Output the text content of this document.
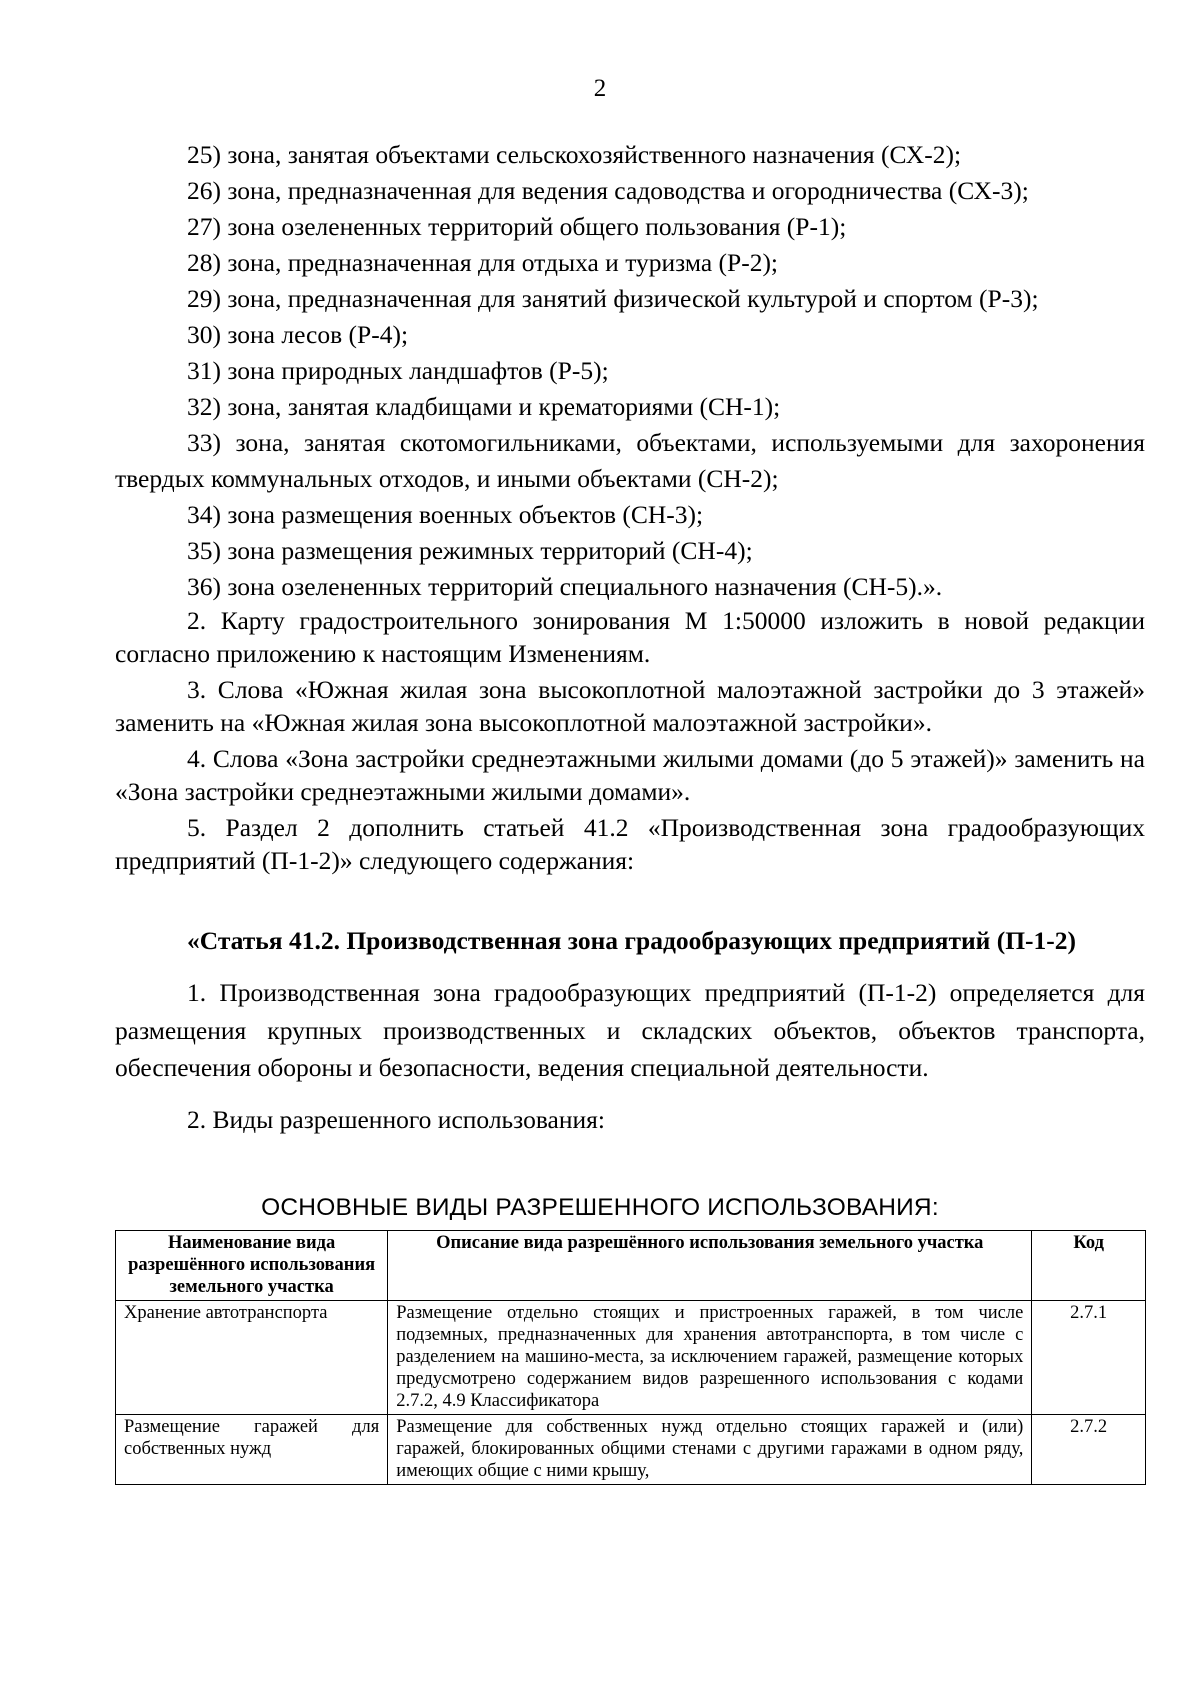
2

25) зона, занятая объектами сельскохозяйственного назначения (СХ-2);

26) зона, предназначенная для ведения садоводства и огородничества (СХ-3);

27) зона озелененных территорий общего пользования (Р-1);

28) зона, предназначенная для отдыха и туризма (Р-2);

29) зона, предназначенная для занятий физической культурой и спортом (Р-3);

30) зона лесов (Р-4);

31) зона природных ландшафтов (Р-5);

32) зона, занятая кладбищами и крематориями (СН-1);

33) зона, занятая скотомогильниками, объектами, используемыми для захоронения твердых коммунальных отходов, и иными объектами (СН-2);

34) зона размещения военных объектов (СН-3);

35) зона размещения режимных территорий (СН-4);

36) зона озелененных территорий специального назначения (СН-5).».

2. Карту градостроительного зонирования М 1:50000 изложить в новой редакции согласно приложению к настоящим Изменениям.

3. Слова «Южная жилая зона высокоплотной малоэтажной застройки до 3 этажей» заменить на «Южная жилая зона высокоплотной малоэтажной застройки».

4. Слова «Зона застройки среднеэтажными жилыми домами (до 5 этажей)» заменить на «Зона застройки среднеэтажными жилыми домами».

5. Раздел 2 дополнить статьей 41.2 «Производственная зона градообразующих предприятий (П-1-2)» следующего содержания:

«Статья 41.2. Производственная зона градообразующих предприятий (П-1-2)

1. Производственная зона градообразующих предприятий (П-1-2) определяется для размещения крупных производственных и складских объектов, объектов транспорта, обеспечения обороны и безопасности, ведения специальной деятельности.

2. Виды разрешенного использования:

ОСНОВНЫЕ ВИДЫ РАЗРЕШЕННОГО ИСПОЛЬЗОВАНИЯ:
Наименование вида разрешённого использования земельного участка	Описание вида разрешённого использования земельного участка	Код
Хранение автотранспорта	Размещение отдельно стоящих и пристроенных гаражей, в том числе подземных, предназначенных для хранения автотранспорта, в том числе с разделением на машино-места, за исключением гаражей, размещение которых предусмотрено содержанием видов разрешенного использования с кодами 2.7.2, 4.9 Классификатора	2.7.1
Размещение гаражей для собственных нужд	Размещение для собственных нужд отдельно стоящих гаражей и (или) гаражей, блокированных общими стенами с другими гаражами в одном ряду, имеющих общие с ними крышу,	2.7.2
